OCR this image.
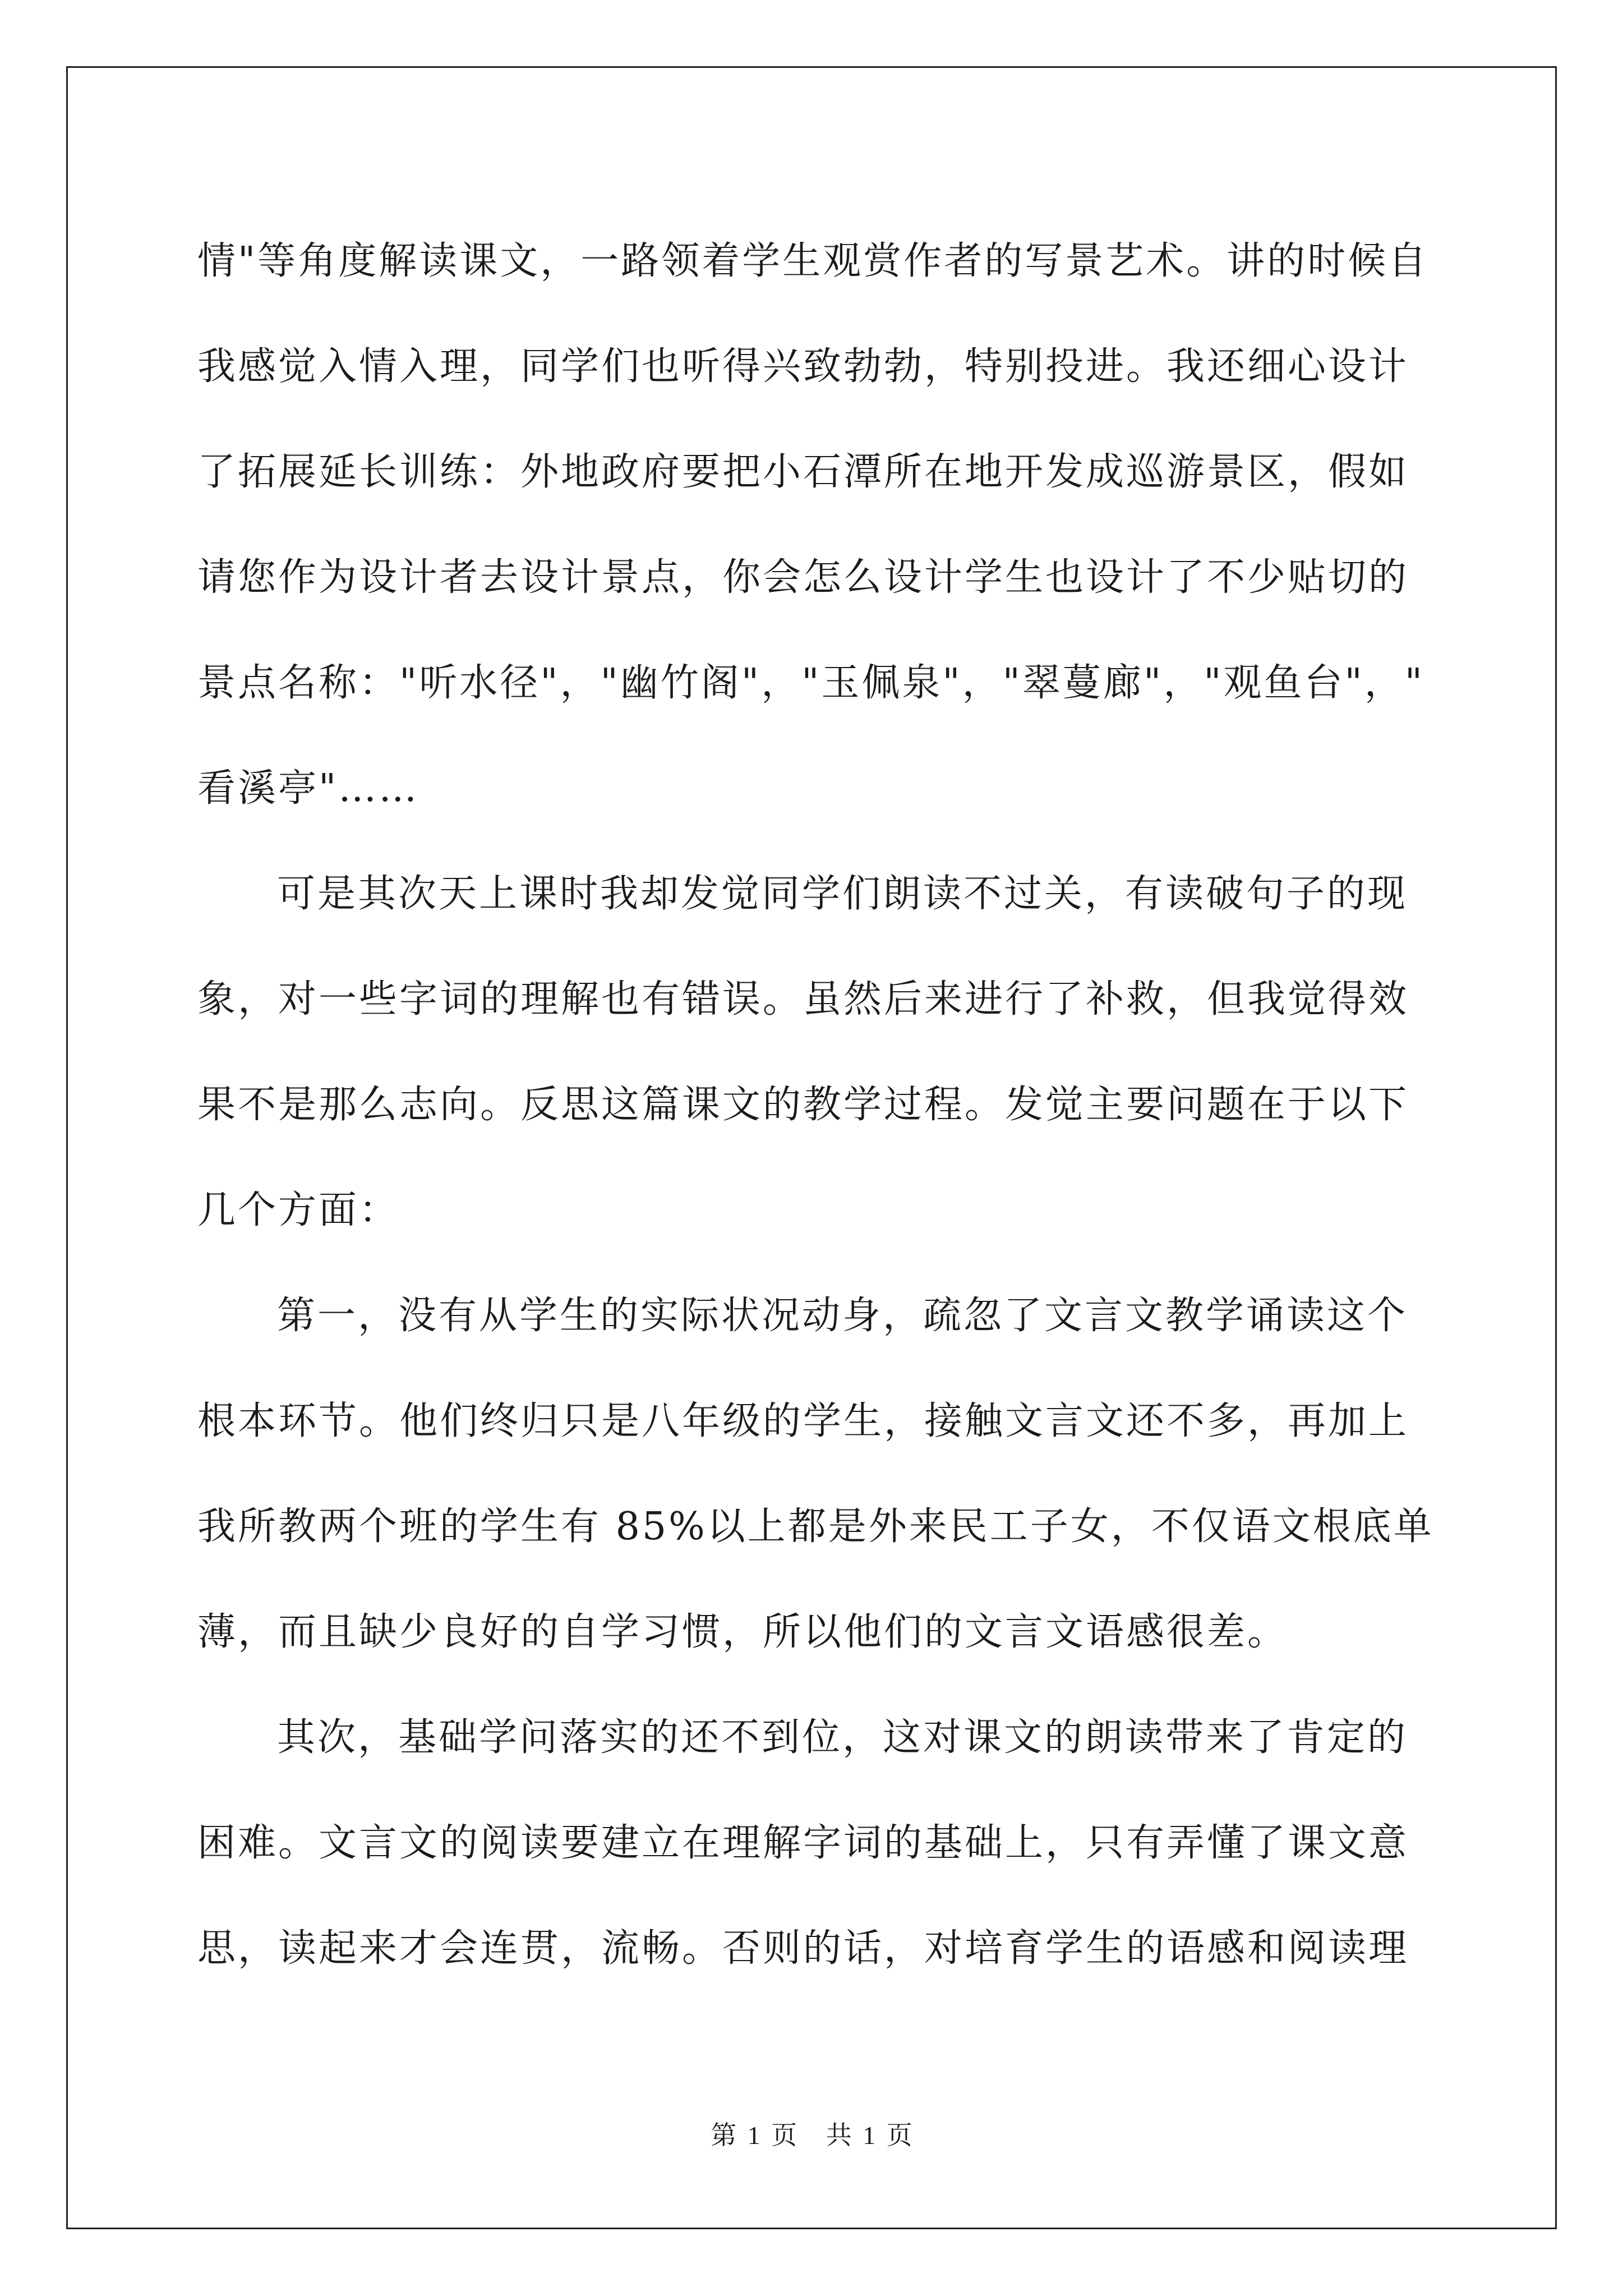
情"等角度解读课文，一路领着学生观赏作者的写景艺术。讲的时候自
我感觉入情入理，同学们也听得兴致勃勃，特别投进。我还细心设计
了拓展延长训练：外地政府要把小石潭所在地开发成巡游景区，假如
请您作为设计者去设计景点，你会怎么设计学生也设计了不少贴切的
景点名称："听水径"，"幽竹阁"，"玉佩泉"，"翠蔓廊"，"观鱼台"，"
看溪亭"……
可是其次天上课时我却发觉同学们朗读不过关，有读破句子的现
象，对一些字词的理解也有错误。虽然后来进行了补救，但我觉得效
果不是那么志向。反思这篇课文的教学过程。发觉主要问题在于以下
几个方面：
第一，没有从学生的实际状况动身，疏忽了文言文教学诵读这个
根本环节。他们终归只是八年级的学生，接触文言文还不多，再加上
我所教两个班的学生有 85%以上都是外来民工子女，不仅语文根底单
薄，而且缺少良好的自学习惯，所以他们的文言文语感很差。
其次，基础学问落实的还不到位，这对课文的朗读带来了肯定的
困难。文言文的阅读要建立在理解字词的基础上，只有弄懂了课文意
思，读起来才会连贯，流畅。否则的话，对培育学生的语感和阅读理
第 1 页 共 1 页
